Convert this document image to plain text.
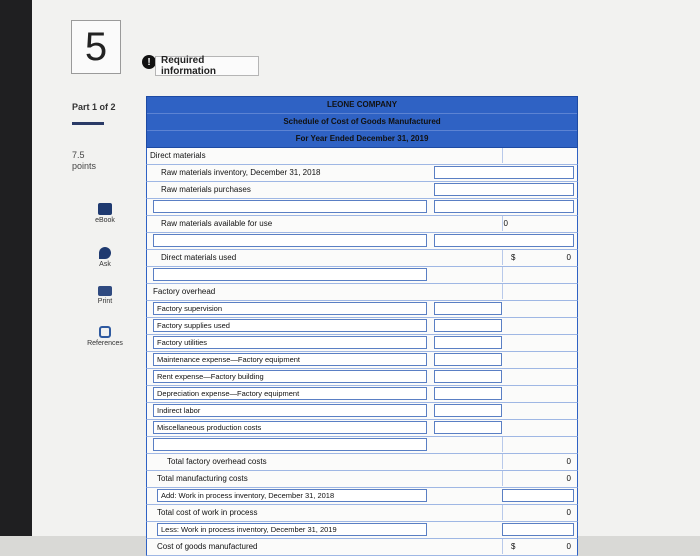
5	!	Required information
Part 1 of 2
7.5
points
eBook
Ask
Print
References
LEONE COMPANY
Schedule of Cost of Goods Manufactured
For Year Ended December 31, 2019
Direct materials
Raw materials inventory, December 31, 2018
Raw materials purchases
Raw materials available for use	0
Direct materials used	$	0
Factory overhead
Factory supervision
Factory supplies used
Factory utilities
Maintenance expense—Factory equipment
Rent expense—Factory building
Depreciation expense—Factory equipment
Indirect labor
Miscellaneous production costs
Total factory overhead costs	0
Total manufacturing costs	0
Add: Work in process inventory, December 31, 2018
Total cost of work in process	0
Less: Work in process inventory, December 31, 2019
Cost of goods manufactured	$	0
